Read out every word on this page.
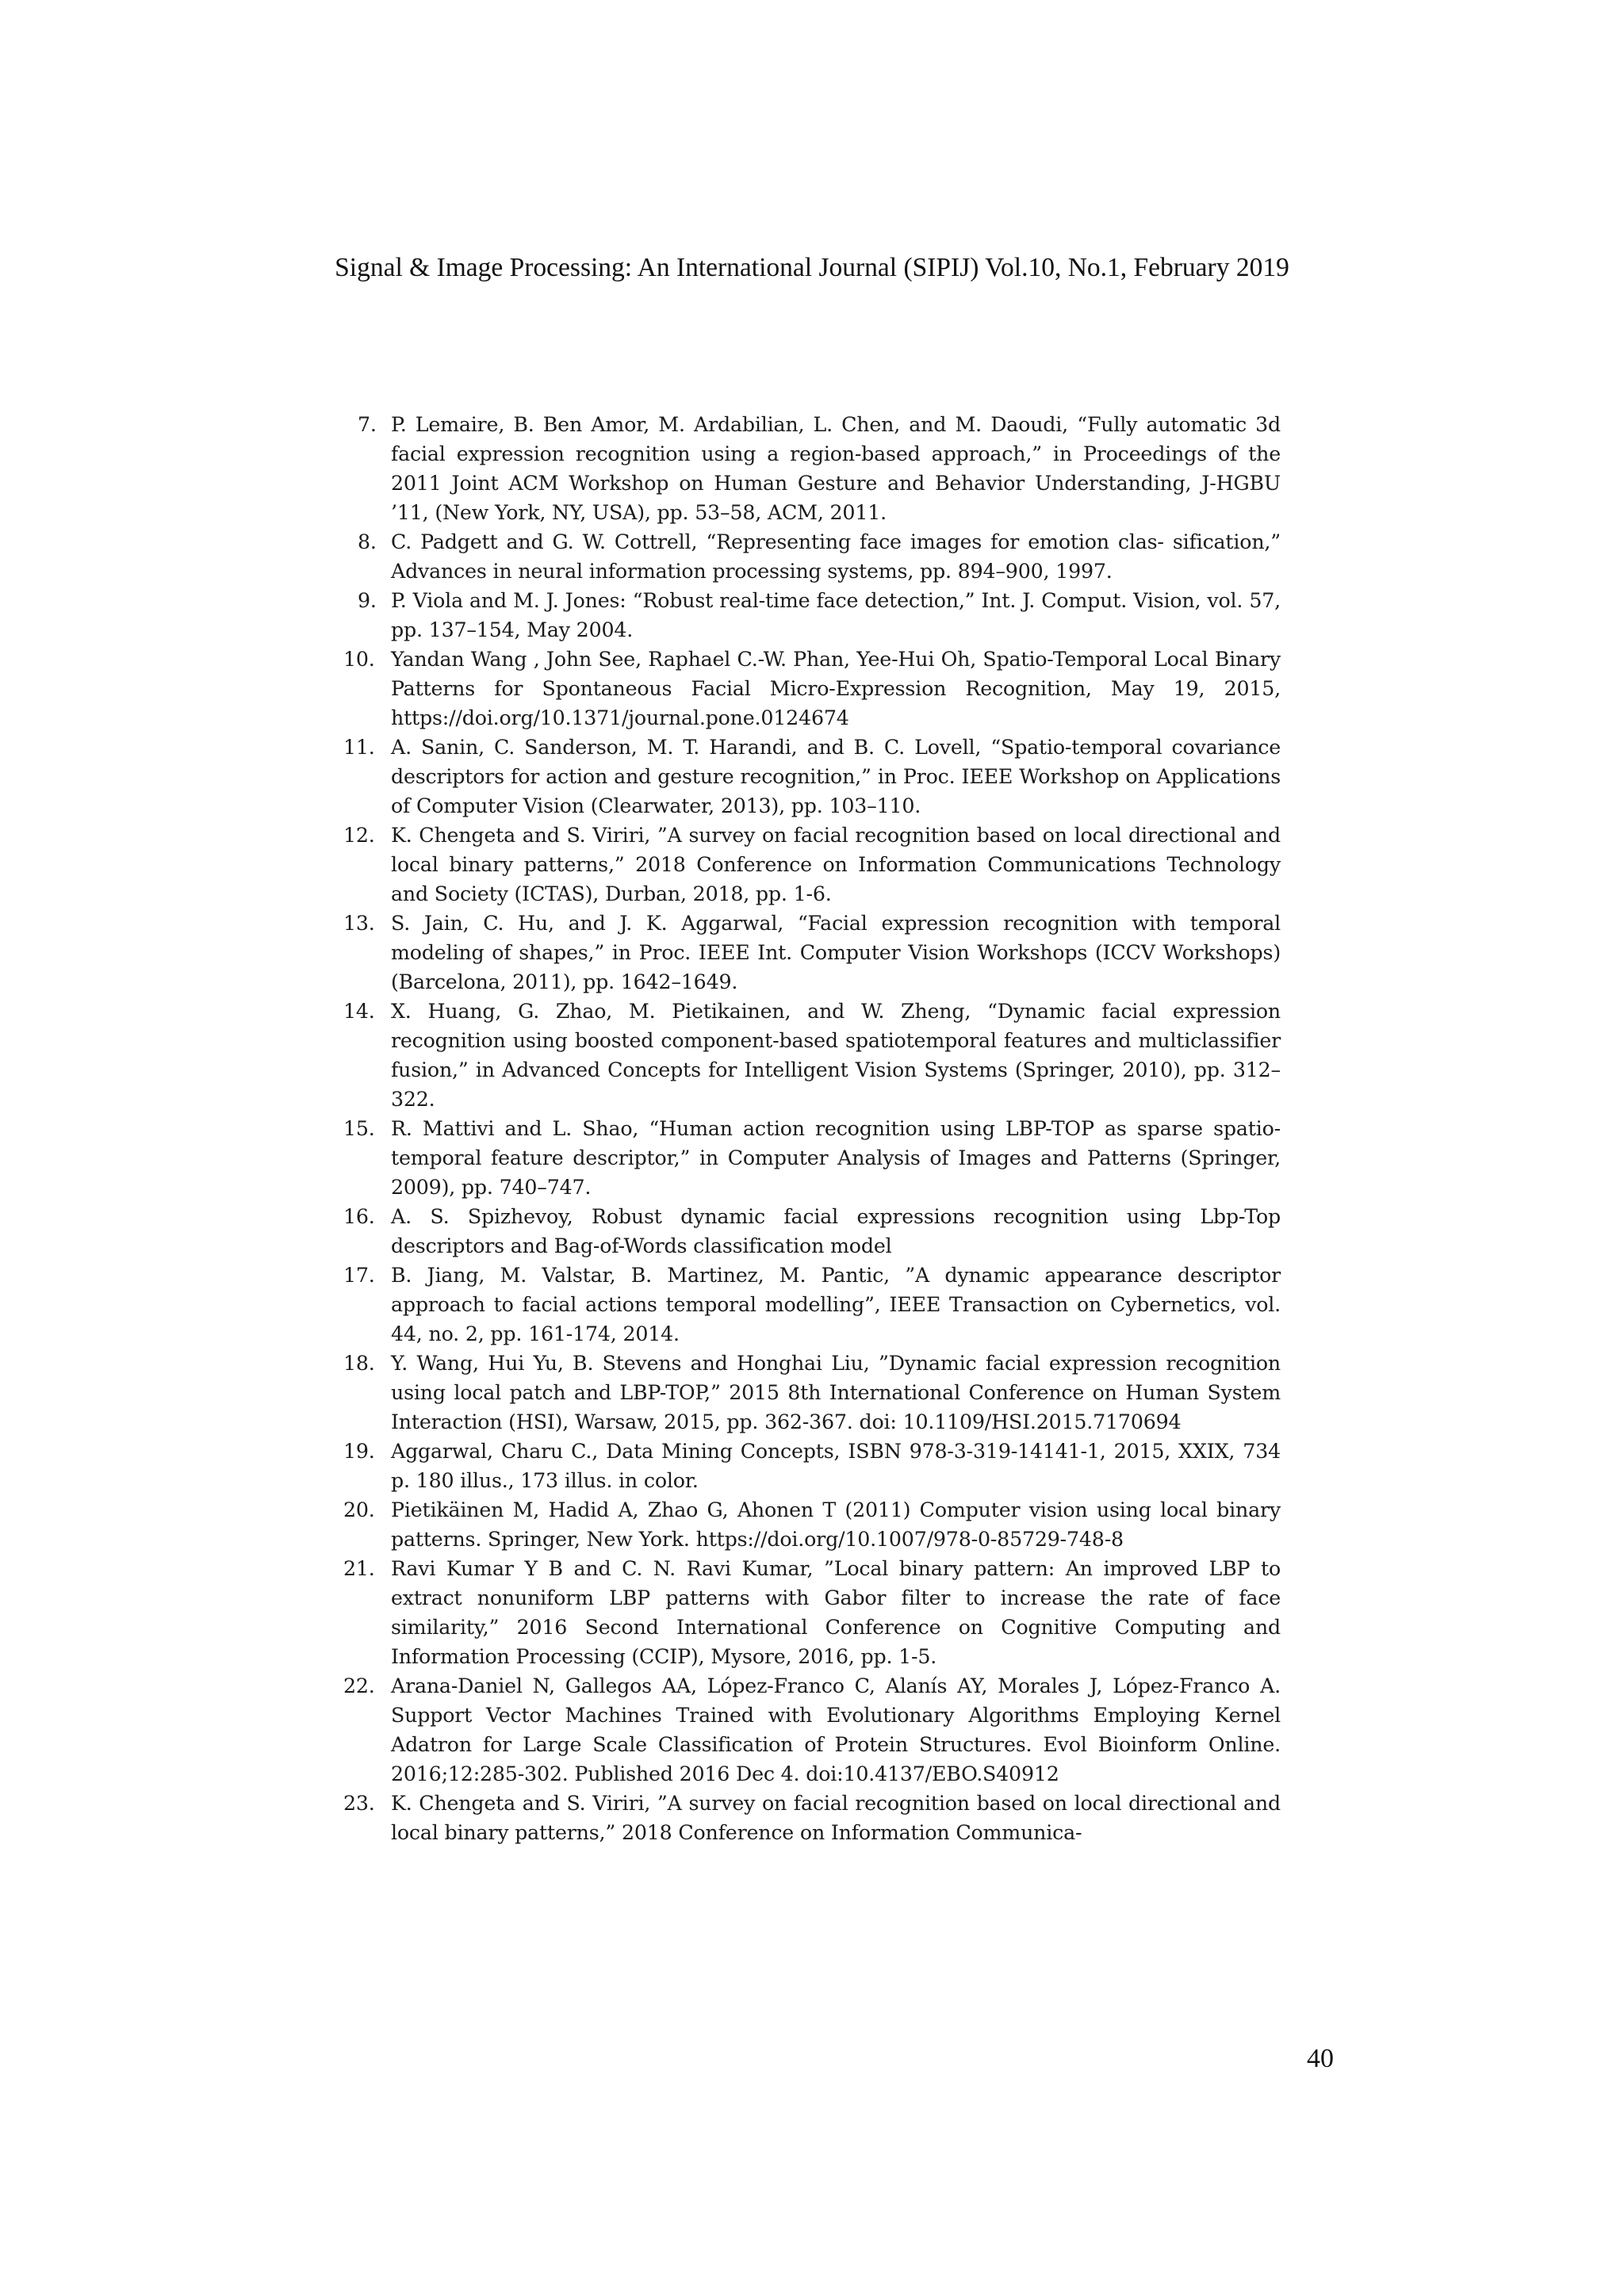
Signal & Image Processing: An International Journal (SIPIJ) Vol.10, No.1, February 2019
7. P. Lemaire, B. Ben Amor, M. Ardabilian, L. Chen, and M. Daoudi, “Fully automatic 3d facial expression recognition using a region-based approach,” in Proceedings of the 2011 Joint ACM Workshop on Human Gesture and Behavior Understanding, J-HGBU ’11, (New York, NY, USA), pp. 53–58, ACM, 2011.
8. C. Padgett and G. W. Cottrell, “Representing face images for emotion clas- sification,” Advances in neural information processing systems, pp. 894–900, 1997.
9. P. Viola and M. J. Jones: “Robust real-time face detection,” Int. J. Comput. Vision, vol. 57, pp. 137–154, May 2004.
10. Yandan Wang , John See, Raphael C.-W. Phan, Yee-Hui Oh, Spatio-Temporal Local Binary Patterns for Spontaneous Facial Micro-Expression Recognition, May 19, 2015, https://doi.org/10.1371/journal.pone.0124674
11. A. Sanin, C. Sanderson, M. T. Harandi, and B. C. Lovell, “Spatio-temporal covariance descriptors for action and gesture recognition,” in Proc. IEEE Workshop on Applications of Computer Vision (Clearwater, 2013), pp. 103–110.
12. K. Chengeta and S. Viriri, ”A survey on facial recognition based on local directional and local binary patterns,” 2018 Conference on Information Communications Technology and Society (ICTAS), Durban, 2018, pp. 1-6.
13. S. Jain, C. Hu, and J. K. Aggarwal, “Facial expression recognition with temporal modeling of shapes,” in Proc. IEEE Int. Computer Vision Workshops (ICCV Workshops) (Barcelona, 2011), pp. 1642–1649.
14. X. Huang, G. Zhao, M. Pietikainen, and W. Zheng, “Dynamic facial expression recognition using boosted component-based spatiotemporal features and multiclassifier fusion,” in Advanced Concepts for Intelligent Vision Systems (Springer, 2010), pp. 312–322.
15. R. Mattivi and L. Shao, “Human action recognition using LBP-TOP as sparse spatio-temporal feature descriptor,” in Computer Analysis of Images and Patterns (Springer, 2009), pp. 740–747.
16. A. S. Spizhevoy, Robust dynamic facial expressions recognition using Lbp-Top descriptors and Bag-of-Words classification model
17. B. Jiang, M. Valstar, B. Martinez, M. Pantic, ”A dynamic appearance descriptor approach to facial actions temporal modelling”, IEEE Transaction on Cybernetics, vol. 44, no. 2, pp. 161-174, 2014.
18. Y. Wang, Hui Yu, B. Stevens and Honghai Liu, ”Dynamic facial expression recognition using local patch and LBP-TOP,” 2015 8th International Conference on Human System Interaction (HSI), Warsaw, 2015, pp. 362-367. doi: 10.1109/HSI.2015.7170694
19. Aggarwal, Charu C., Data Mining Concepts, ISBN 978-3-319-14141-1, 2015, XXIX, 734 p. 180 illus., 173 illus. in color.
20. Pietikäinen M, Hadid A, Zhao G, Ahonen T (2011) Computer vision using local binary patterns. Springer, New York. https://doi.org/10.1007/978-0-85729-748-8
21. Ravi Kumar Y B and C. N. Ravi Kumar, ”Local binary pattern: An improved LBP to extract nonuniform LBP patterns with Gabor filter to increase the rate of face similarity,” 2016 Second International Conference on Cognitive Computing and Information Processing (CCIP), Mysore, 2016, pp. 1-5.
22. Arana-Daniel N, Gallegos AA, López-Franco C, Alanís AY, Morales J, López-Franco A. Support Vector Machines Trained with Evolutionary Algorithms Employing Kernel Adatron for Large Scale Classification of Protein Structures. Evol Bioinform Online. 2016;12:285-302. Published 2016 Dec 4. doi:10.4137/EBO.S40912
23. K. Chengeta and S. Viriri, ”A survey on facial recognition based on local directional and local binary patterns,” 2018 Conference on Information Communica-
40
